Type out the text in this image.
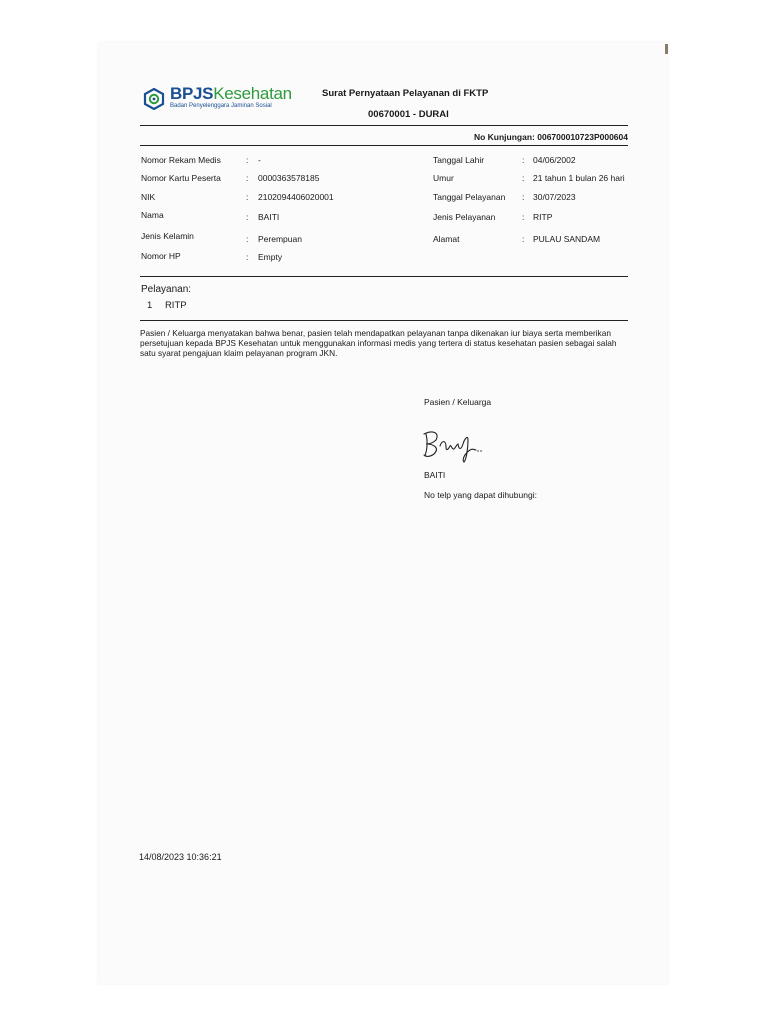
BPJSKesehatan
Badan Penyelenggara Jaminan Sosial
Surat Pernyataan Pelayanan di FKTP
00670001 - DURAI
No Kunjungan: 006700010723P000604
Nomor Rekam Medis	: -
Nomor Kartu Peserta	: 0000363578185
NIK	: 2102094406020001
Nama	: BAITI
Jenis Kelamin	: Perempuan
Nomor HP	: Empty
Tanggal Lahir	: 04/06/2002
Umur	: 21 tahun 1 bulan 26 hari
Tanggal Pelayanan : 30/07/2023
Jenis Pelayanan	: RITP
Alamat	: PULAU SANDAM
Pelayanan:
1 RITP
Pasien / Keluarga menyatakan bahwa benar, pasien telah mendapatkan pelayanan tanpa dikenakan iur biaya serta memberikan persetujuan kepada BPJS Kesehatan untuk menggunakan informasi medis yang tertera di status kesehatan pasien sebagai salah satu syarat pengajuan klaim pelayanan program JKN.
Pasien / Keluarga
BAITI
No telp yang dapat dihubungi:
14/08/2023 10:36:21
